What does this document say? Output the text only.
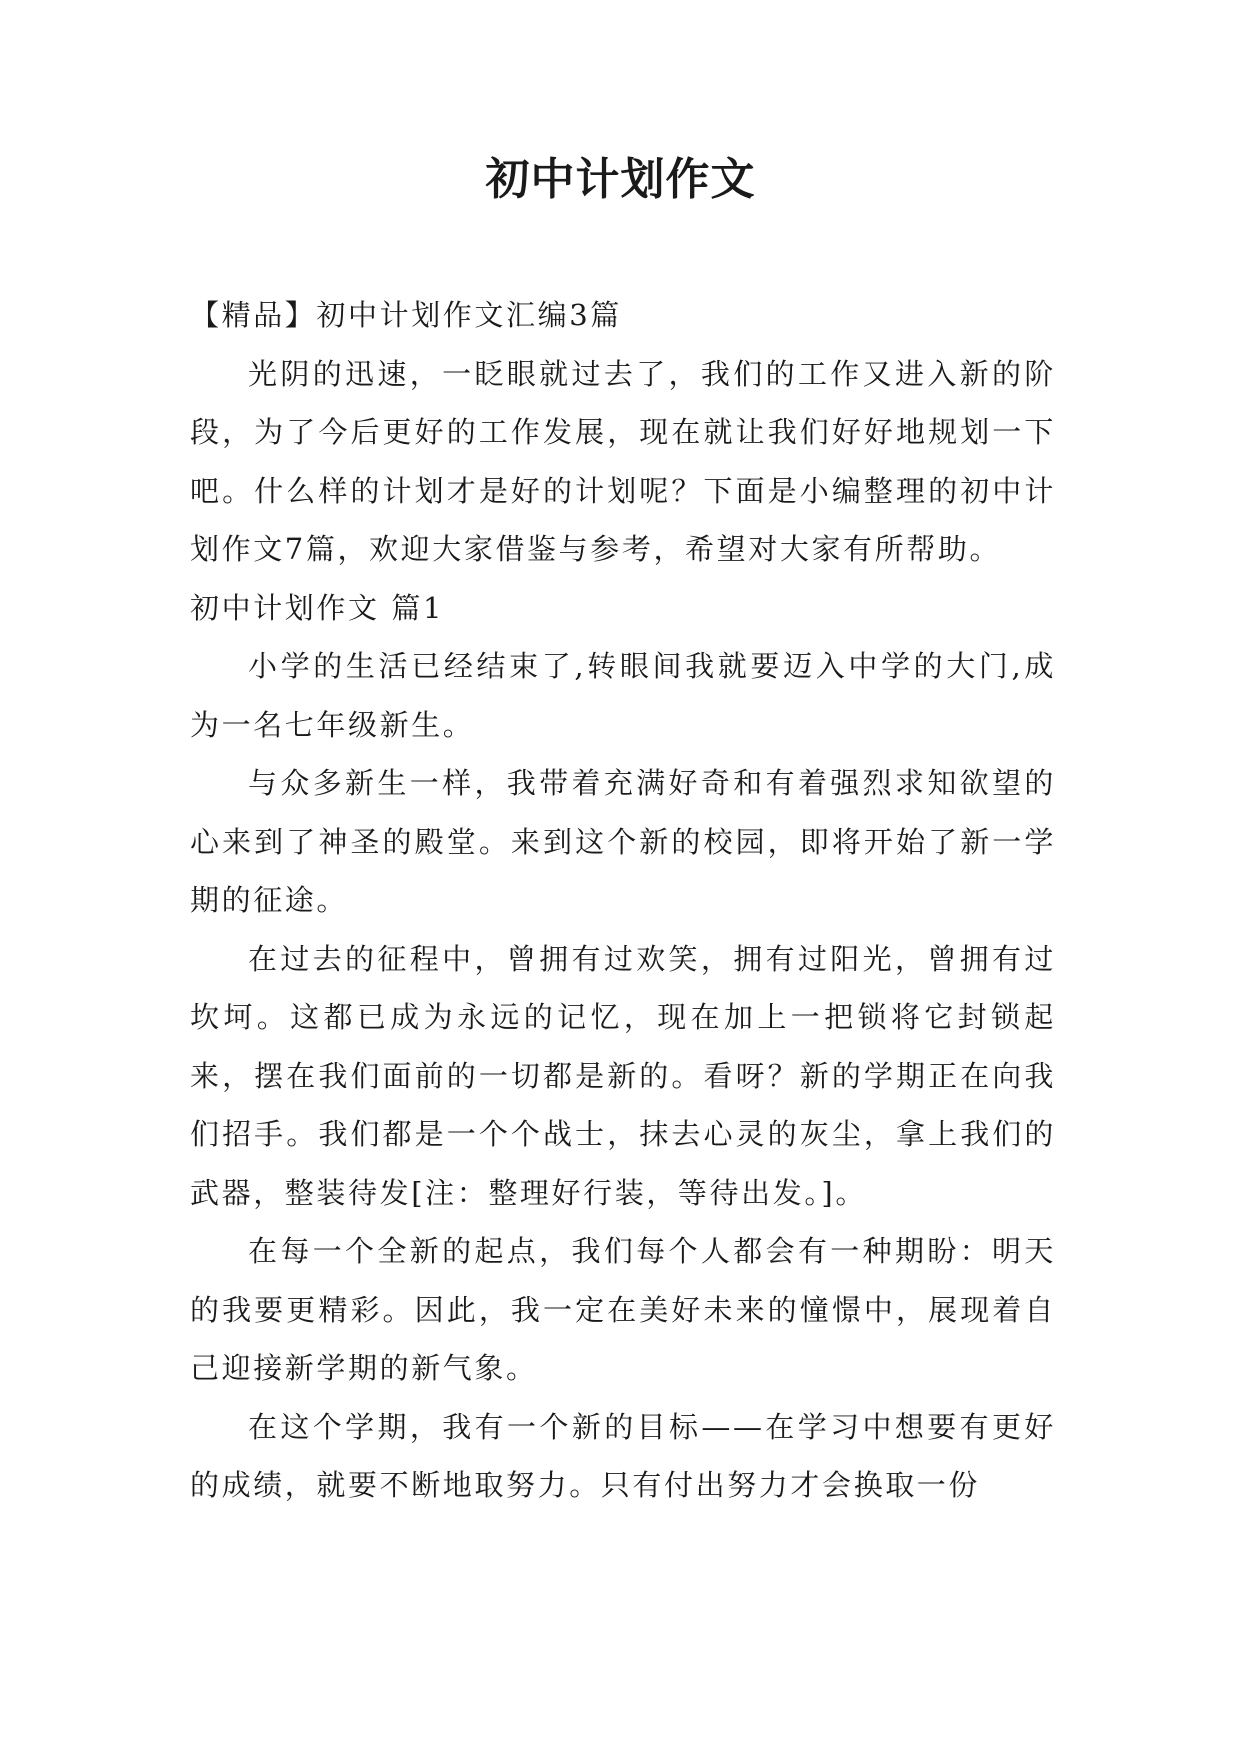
初中计划作文

【精品】初中计划作文汇编3篇

光阴的迅速，一眨眼就过去了，我们的工作又进入新的阶段，为了今后更好的工作发展，现在就让我们好好地规划一下吧。什么样的计划才是好的计划呢？下面是小编整理的初中计划作文7篇，欢迎大家借鉴与参考，希望对大家有所帮助。

初中计划作文 篇1

小学的生活已经结束了,转眼间我就要迈入中学的大门,成为一名七年级新生。

与众多新生一样，我带着充满好奇和有着强烈求知欲望的心来到了神圣的殿堂。来到这个新的校园，即将开始了新一学期的征途。

在过去的征程中，曾拥有过欢笑，拥有过阳光，曾拥有过坎坷。这都已成为永远的记忆，现在加上一把锁将它封锁起来，摆在我们面前的一切都是新的。看呀？新的学期正在向我们招手。我们都是一个个战士，抹去心灵的灰尘，拿上我们的武器，整装待发[注：整理好行装，等待出发。]。

在每一个全新的起点，我们每个人都会有一种期盼：明天的我要更精彩。因此，我一定在美好未来的憧憬中，展现着自己迎接新学期的新气象。

在这个学期，我有一个新的目标——在学习中想要有更好的成绩，就要不断地取努力。只有付出努力才会换取一份
